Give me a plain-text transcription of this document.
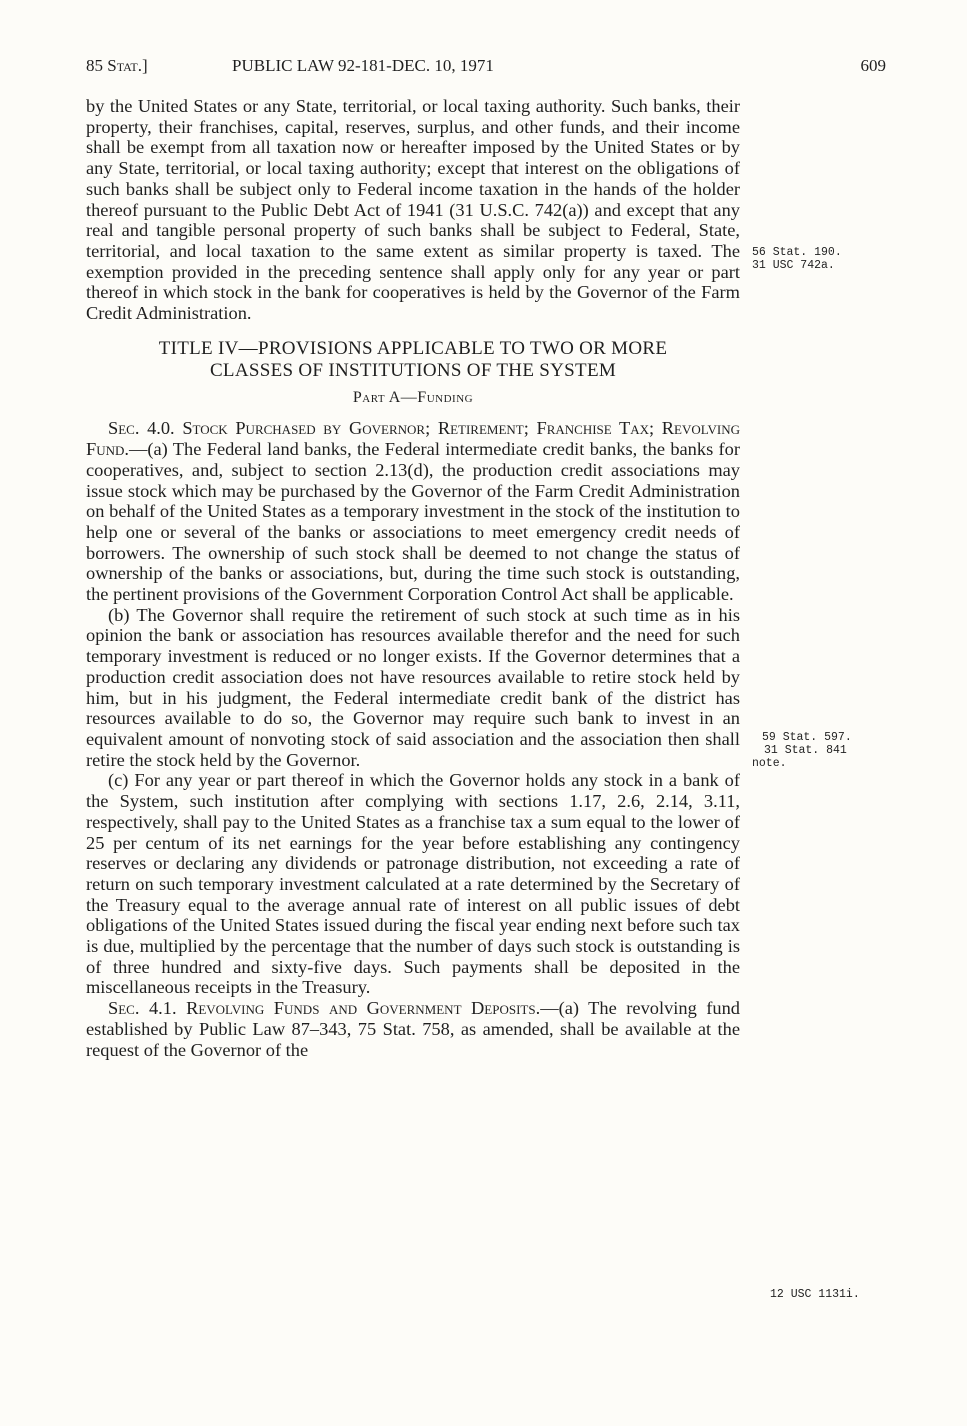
85 Stat.]	PUBLIC LAW 92-181-DEC. 10, 1971	609

by the United States or any State, territorial, or local taxing authority. Such banks, their property, their franchises, capital, reserves, surplus, and other funds, and their income shall be exempt from all taxation now or hereafter imposed by the United States or by any State, territorial, or local taxing authority; except that interest on the obligations of such banks shall be subject only to Federal income taxation in the hands of the holder thereof pursuant to the Public Debt Act of 1941 (31 U.S.C. 742(a)) and except that any real and tangible personal property of such banks shall be subject to Federal, State, territorial, and local taxation to the same extent as similar property is taxed. The exemption provided in the preceding sentence shall apply only for any year or part thereof in which stock in the bank for cooperatives is held by the Governor of the Farm Credit Administration.

TITLE IV—PROVISIONS APPLICABLE TO TWO OR MORE
CLASSES OF INSTITUTIONS OF THE SYSTEM
Part A—Funding

Sec. 4.0. Stock Purchased by Governor; Retirement; Franchise Tax; Revolving Fund.—(a) The Federal land banks, the Federal intermediate credit banks, the banks for cooperatives, and, subject to section 2.13(d), the production credit associations may issue stock which may be purchased by the Governor of the Farm Credit Administration on behalf of the United States as a temporary investment in the stock of the institution to help one or several of the banks or associations to meet emergency credit needs of borrowers. The ownership of such stock shall be deemed to not change the status of ownership of the banks or associations, but, during the time such stock is outstanding, the pertinent provisions of the Government Corporation Control Act shall be applicable.

(b) The Governor shall require the retirement of such stock at such time as in his opinion the bank or association has resources available therefor and the need for such temporary investment is reduced or no longer exists. If the Governor determines that a production credit association does not have resources available to retire stock held by him, but in his judgment, the Federal intermediate credit bank of the district has resources available to do so, the Governor may require such bank to invest in an equivalent amount of nonvoting stock of said association and the association then shall retire the stock held by the Governor.

(c) For any year or part thereof in which the Governor holds any stock in a bank of the System, such institution after complying with sections 1.17, 2.6, 2.14, 3.11, respectively, shall pay to the United States as a franchise tax a sum equal to the lower of 25 per centum of its net earnings for the year before establishing any contingency reserves or declaring any dividends or patronage distribution, not exceeding a rate of return on such temporary investment calculated at a rate determined by the Secretary of the Treasury equal to the average annual rate of interest on all public issues of debt obligations of the United States issued during the fiscal year ending next before such tax is due, multiplied by the percentage that the number of days such stock is outstanding is of three hundred and sixty-five days. Such payments shall be deposited in the miscellaneous receipts in the Treasury.

Sec. 4.1. Revolving Funds and Government Deposits.—(a) The revolving fund established by Public Law 87–343, 75 Stat. 758, as amended, shall be available at the request of the Governor of the

56 Stat. 190.
31 USC 742a.
59 Stat. 597.
31 Stat. 841
note.
12 USC 1131i.
